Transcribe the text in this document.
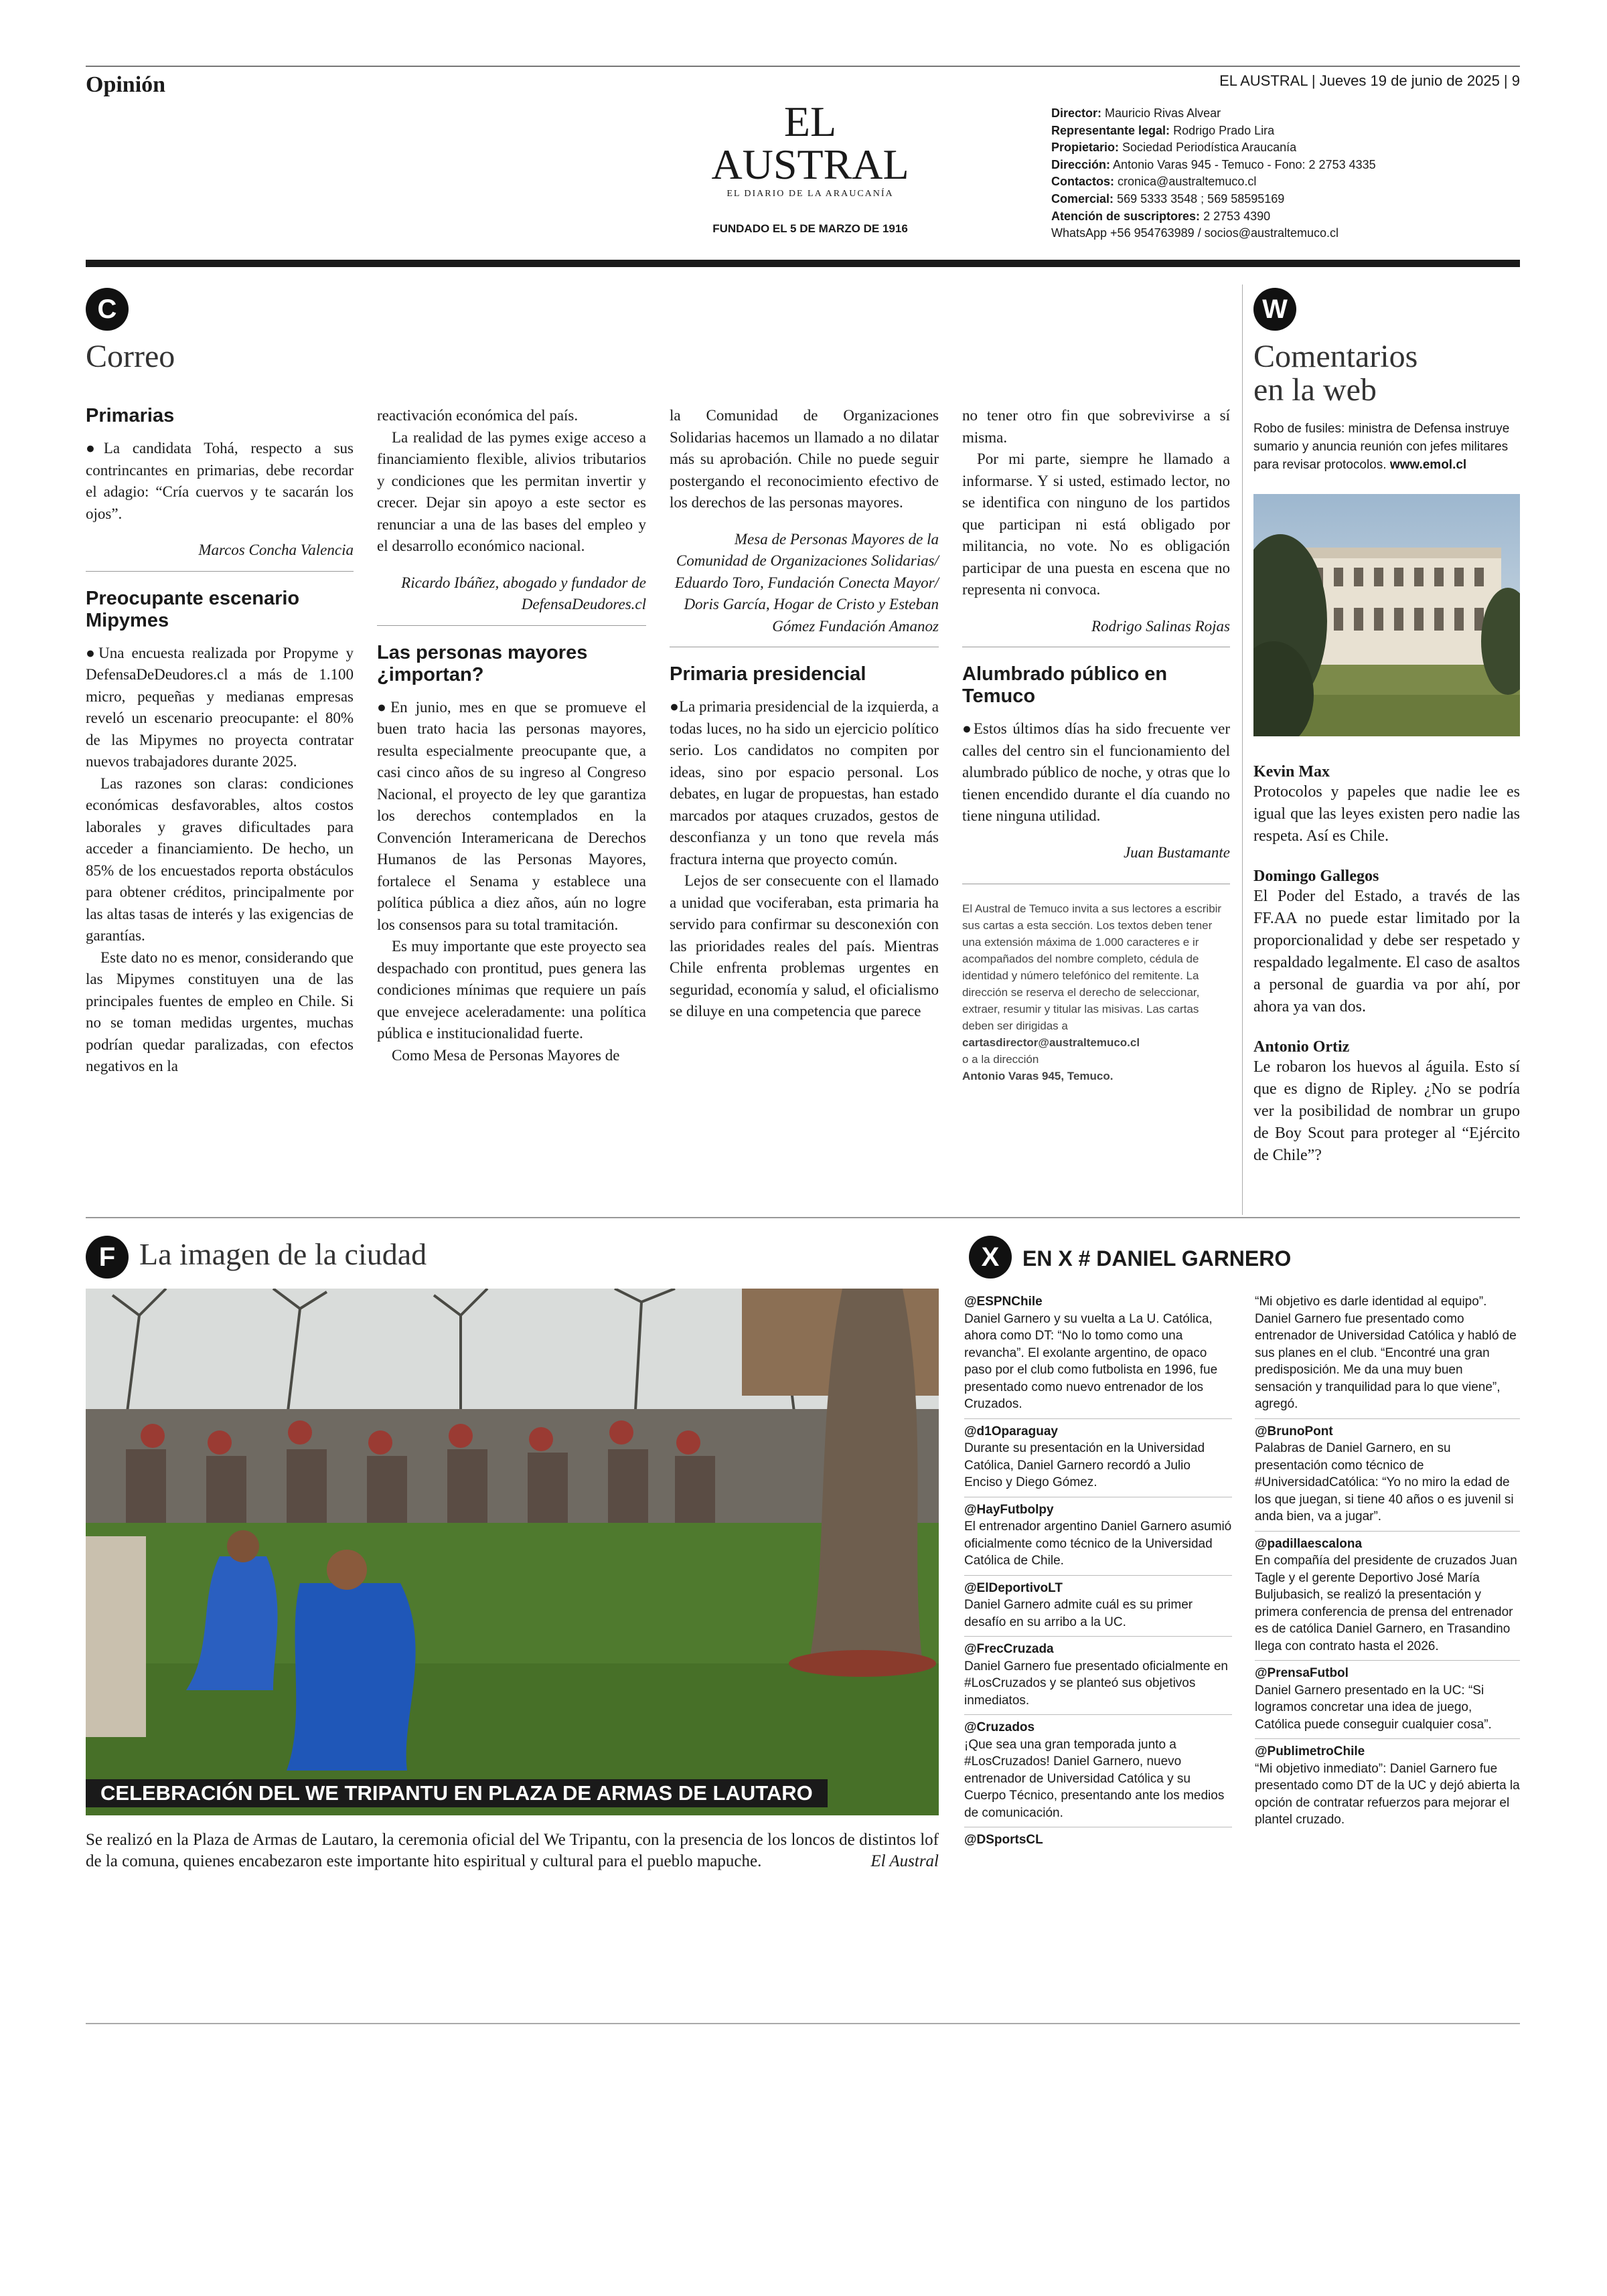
Opinión
EL AUSTRAL
EL DIARIO DE LA ARAUCANÍA
FUNDADO EL 5 DE MARZO DE 1916
EL AUSTRAL | Jueves 19 de junio de 2025 | 9
Director: Mauricio Rivas Alvear
Representante legal: Rodrigo Prado Lira
Propietario: Sociedad Periodística Araucanía
Dirección: Antonio Varas 945 - Temuco - Fono: 2 2753 4335
Contactos: cronica@australtemuco.cl
Comercial: 569 5333 3548 ; 569 58595169
Atención de suscriptores: 2 2753 4390
WhatsApp +56 954763989 / socios@australtemuco.cl
C
Correo
Primarias

●La candidata Tohá, respecto a sus contrincantes en primarias, debe recordar el adagio: “Cría cuervos y te sacarán los ojos”.

Marcos Concha Valencia
Preocupante escenario Mipymes

●Una encuesta realizada por Propyme y DefensaDeDeudores.cl a más de 1.100 micro, pequeñas y medianas empresas reveló un escenario preocupante: el 80% de las Mipymes no proyecta contratar nuevos trabajadores durante 2025.

Las razones son claras: condiciones económicas desfavorables, altos costos laborales y graves dificultades para acceder a financiamiento. De hecho, un 85% de los encuestados reporta obstáculos para obtener créditos, principalmente por las altas tasas de interés y las exigencias de garantías.

Este dato no es menor, considerando que las Mipymes constituyen una de las principales fuentes de empleo en Chile. Si no se toman medidas urgentes, muchas podrían quedar paralizadas, con efectos negativos en la

reactivación económica del país.

La realidad de las pymes exige acceso a financiamiento flexible, alivios tributarios y condiciones que les permitan invertir y crecer. Dejar sin apoyo a este sector es renunciar a una de las bases del empleo y el desarrollo económico nacional.

Ricardo Ibáñez, abogado y fundador de DefensaDeudores.cl
Las personas mayores ¿importan?

●En junio, mes en que se promueve el buen trato hacia las personas mayores, resulta especialmente preocupante que, a casi cinco años de su ingreso al Congreso Nacional, el proyecto de ley que garantiza los derechos contemplados en la Convención Interamericana de Derechos Humanos de las Personas Mayores, fortalece el Senama y establece una política pública a diez años, aún no logre los consensos para su total tramitación.

Es muy importante que este proyecto sea despachado con prontitud, pues genera las condiciones mínimas que requiere un país que envejece aceleradamente: una política pública e institucionalidad fuerte.

Como Mesa de Personas Mayores de

la Comunidad de Organizaciones Solidarias hacemos un llamado a no dilatar más su aprobación. Chile no puede seguir postergando el reconocimiento efectivo de los derechos de las personas mayores.

Mesa de Personas Mayores de la Comunidad de Organizaciones Solidarias/ Eduardo Toro, Fundación Conecta Mayor/ Doris García, Hogar de Cristo y Esteban Gómez Fundación Amanoz
Primaria presidencial

●La primaria presidencial de la izquierda, a todas luces, no ha sido un ejercicio político serio. Los candidatos no compiten por ideas, sino por espacio personal. Los debates, en lugar de propuestas, han estado marcados por ataques cruzados, gestos de desconfianza y un tono que revela más fractura interna que proyecto común.

Lejos de ser consecuente con el llamado a unidad que vociferaban, esta primaria ha servido para confirmar su desconexión con las prioridades reales del país. Mientras Chile enfrenta problemas urgentes en seguridad, economía y salud, el oficialismo se diluye en una competencia que parece

no tener otro fin que sobrevivirse a sí misma.

Por mi parte, siempre he llamado a informarse. Y si usted, estimado lector, no se identifica con ninguno de los partidos que participan ni está obligado por militancia, no vote. No es obligación participar de una puesta en escena que no representa ni convoca.

Rodrigo Salinas Rojas
Alumbrado público en Temuco

●Estos últimos días ha sido frecuente ver calles del centro sin el funcionamiento del alumbrado público de noche, y otras que lo tienen encendido durante el día cuando no tiene ninguna utilidad.

Juan Bustamante
El Austral de Temuco invita a sus lectores a escribir sus cartas a esta sección. Los textos deben tener una extensión máxima de 1.000 caracteres e ir acompañados del nombre completo, cédula de identidad y número telefónico del remitente. La dirección se reserva el derecho de seleccionar, extraer, resumir y titular las misivas. Las cartas deben ser dirigidas a
cartasdirector@australtemuco.cl
o a la dirección
Antonio Varas 945, Temuco.
W
Comentarios
en la web
Robo de fusiles: ministra de Defensa instruye sumario y anuncia reunión con jefes militares para revisar protocolos. www.emol.cl
Kevin Max
Protocolos y papeles que nadie lee es igual que las leyes existen pero nadie las respeta. Así es Chile.
Domingo Gallegos
El Poder del Estado, a través de las FF.AA no puede estar limitado por la proporcionalidad y debe ser respetado y respaldado legalmente. El caso de asaltos a personal de guardia va por ahí, por ahora ya van dos.
Antonio Ortiz
Le robaron los huevos al águila. Esto sí que es digno de Ripley. ¿No se podría ver la posibilidad de nombrar un grupo de Boy Scout para proteger al “Ejército de Chile”?
F La imagen de la ciudad
CELEBRACIÓN DEL WE TRIPANTU EN PLAZA DE ARMAS DE LAUTARO
Se realizó en la Plaza de Armas de Lautaro, la ceremonia oficial del We Tripantu, con la presencia de los loncos de distintos lof de la comuna, quienes encabezaron este importante hito espiritual y cultural para el pueblo mapuche.	El Austral
X	EN X # DANIEL GARNERO
@ESPNChile
Daniel Garnero y su vuelta a La U. Católica, ahora como DT: “No lo tomo como una revancha”. El exolante argentino, de opaco paso por el club como futbolista en 1996, fue presentado como nuevo entrenador de los Cruzados.
@d1Oparaguay
Durante su presentación en la Universidad Católica, Daniel Garnero recordó a Julio Enciso y Diego Gómez.
@HayFutbolpy
El entrenador argentino Daniel Garnero asumió oficialmente como técnico de la Universidad Católica de Chile.
@ElDeportivoLT
Daniel Garnero admite cuál es su primer desafío en su arribo a la UC.
@FrecCruzada
Daniel Garnero fue presentado oficialmente en #LosCruzados y se planteó sus objetivos inmediatos.
@Cruzados
¡Que sea una gran temporada junto a #LosCruzados! Daniel Garnero, nuevo entrenador de Universidad Católica y su Cuerpo Técnico, presentando ante los medios de comunicación.
@DSportsCL
“Mi objetivo es darle identidad al equipo”. Daniel Garnero fue presentado como entrenador de Universidad Católica y habló de sus planes en el club. “Encontré una gran predisposición. Me da una muy buen sensación y tranquilidad para lo que viene”, agregó.
@BrunoPont
Palabras de Daniel Garnero, en su presentación como técnico de #UniversidadCatólica: “Yo no miro la edad de los que juegan, si tiene 40 años o es juvenil si anda bien, va a jugar”.
@padillaescalona
En compañía del presidente de cruzados Juan Tagle y el gerente Deportivo José María Buljubasich, se realizó la presentación y primera conferencia de prensa del entrenador es de católica Daniel Garnero, en Trasandino llega con contrato hasta el 2026.
@PrensaFutbol
Daniel Garnero presentado en la UC: “Si logramos concretar una idea de juego, Católica puede conseguir cualquier cosa”.
@PublimetroChile
“Mi objetivo inmediato”: Daniel Garnero fue presentado como DT de la UC y dejó abierta la opción de contratar refuerzos para mejorar el plantel cruzado.
